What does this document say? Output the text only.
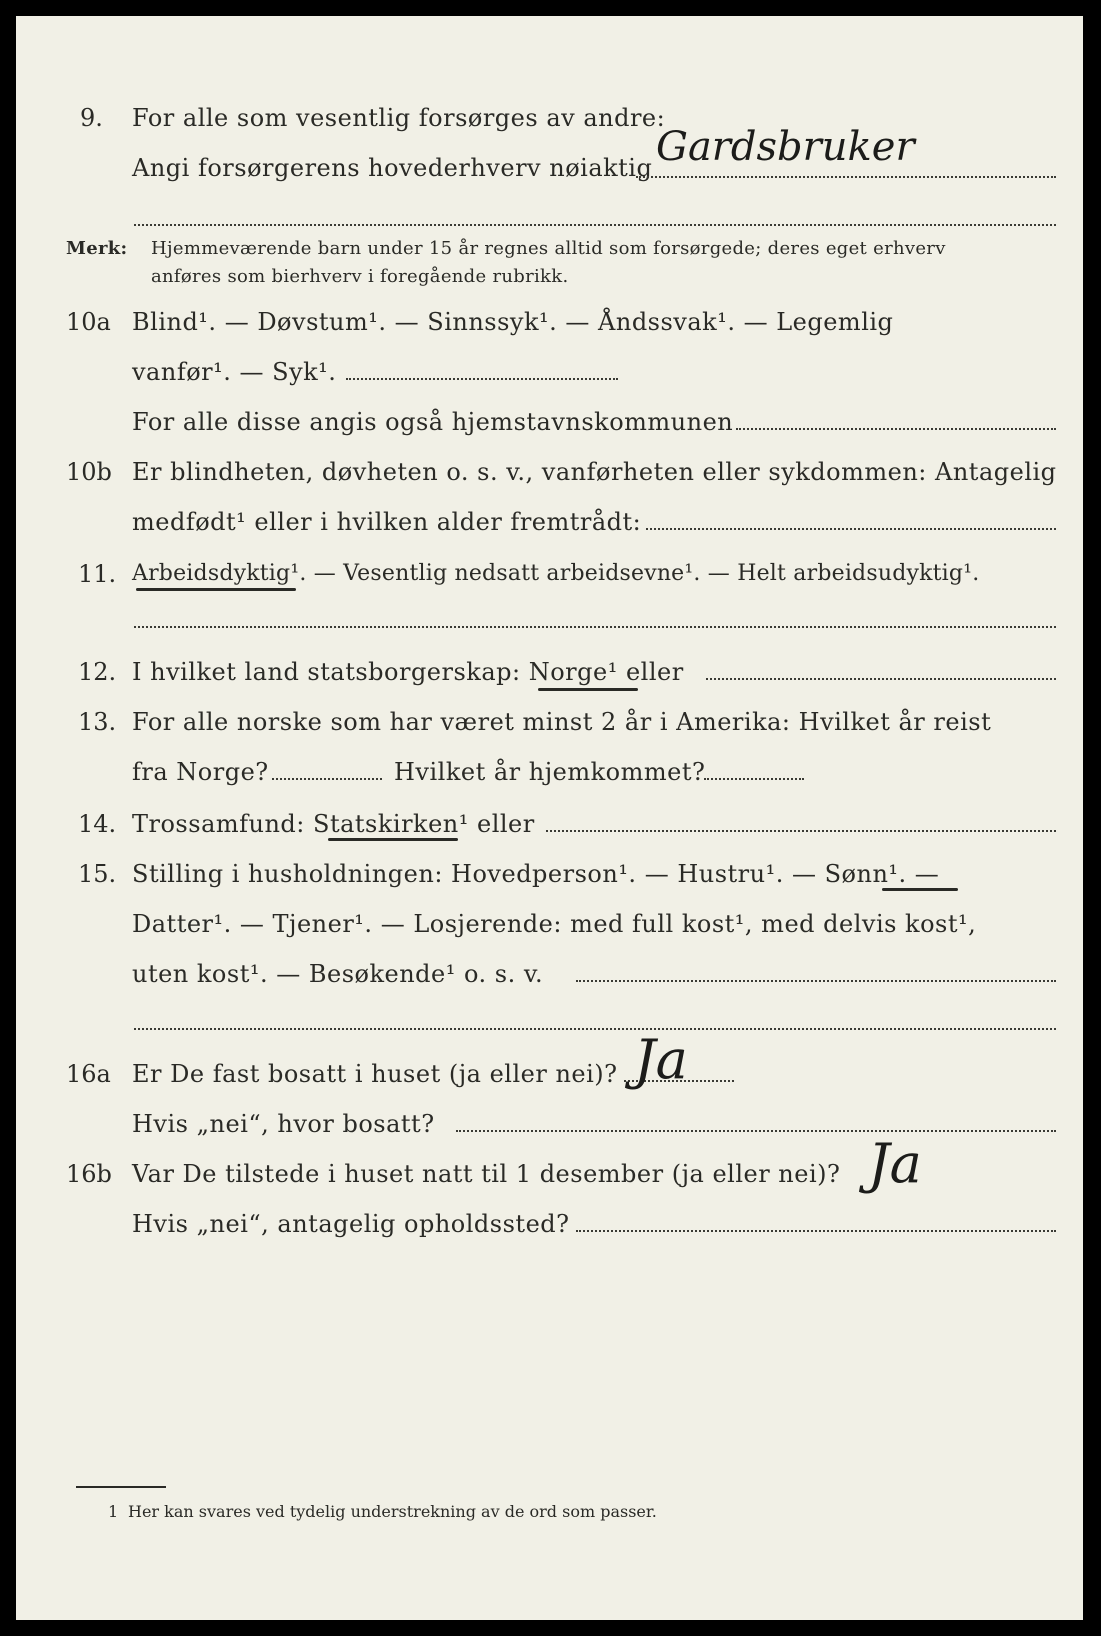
9. For alle som vesentlig forsørges av andre:
Angi forsørgerens hovederhverv nøiaktig Gardsbruker
Merk: Hjemmeværende barn under 15 år regnes alltid som forsørgede; deres eget erhverv
anføres som bierhverv i foregående rubrikk.
10a Blind¹. — Døvstum¹. — Sinnssyk¹. — Åndssvak¹. — Legemlig
vanfør¹. — Syk¹.
For alle disse angis også hjemstavnskommunen
10b Er blindheten, døvheten o. s. v., vanførheten eller sykdommen: Antagelig
medfødt¹ eller i hvilken alder fremtrådt:
11. Arbeidsdyktig¹. — Vesentlig nedsatt arbeidsevne¹. — Helt arbeidsudyktig¹.
12. I hvilket land statsborgerskap: Norge¹ eller
13. For alle norske som har været minst 2 år i Amerika: Hvilket år reist
fra Norge?	Hvilket år hjemkommet?
14. Trossamfund: Statskirken¹ eller
15. Stilling i husholdningen: Hovedperson¹. — Hustru¹. — Sønn¹. —
Datter¹. — Tjener¹. — Losjerende: med full kost¹, med delvis kost¹,
uten kost¹. — Besøkende¹ o. s. v.
16a Er De fast bosatt i huset (ja eller nei)? Ja
Hvis „nei“, hvor bosatt?
16b Var De tilstede i huset natt til 1 desember (ja eller nei)? Ja
Hvis „nei“, antagelig opholdssted?
1 Her kan svares ved tydelig understrekning av de ord som passer.
